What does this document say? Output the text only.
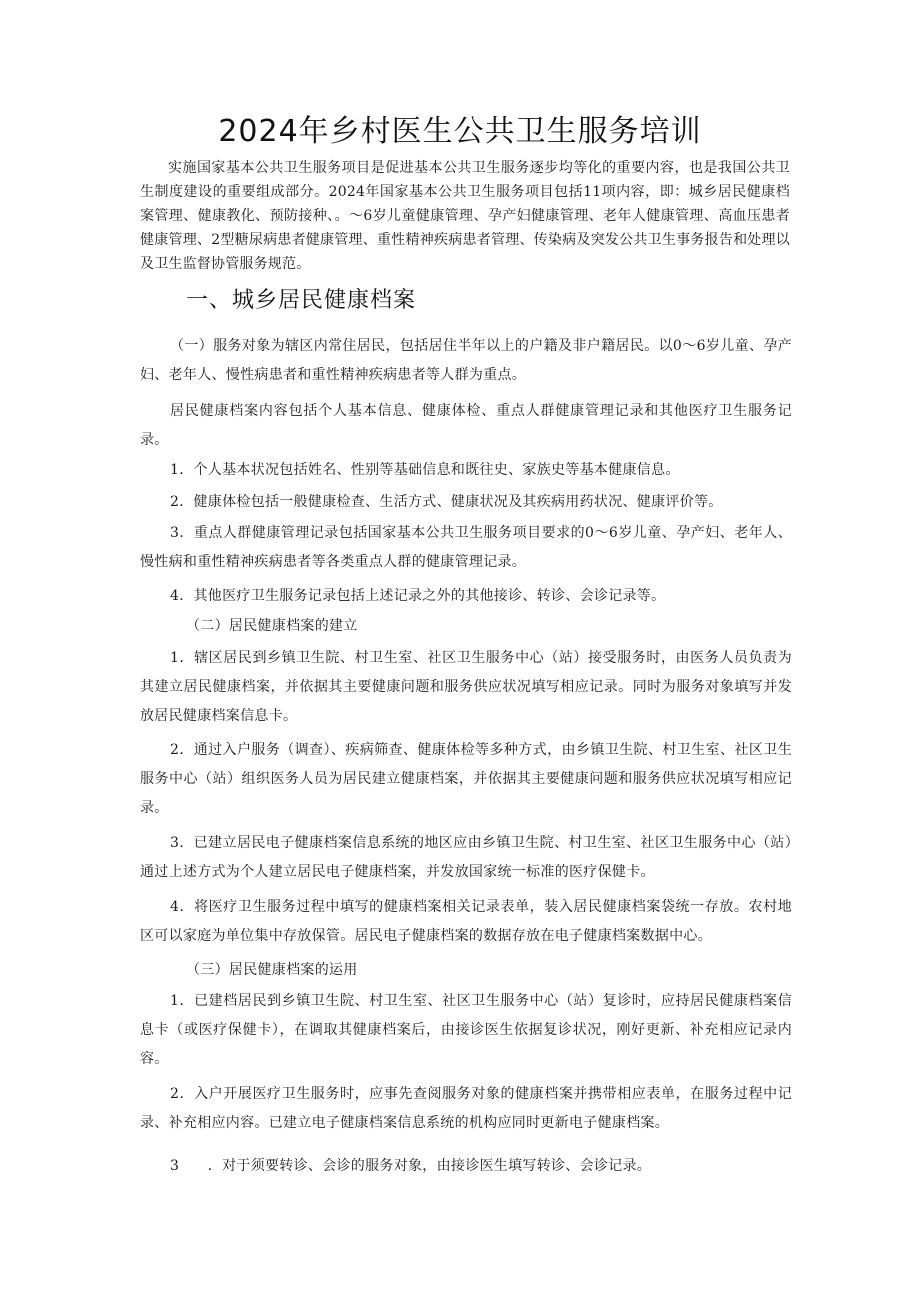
2024年乡村医生公共卫生服务培训

实施国家基本公共卫生服务项目是促进基本公共卫生服务逐步均等化的重要内容，也是我国公共卫生制度建设的重要组成部分。2024年国家基本公共卫生服务项目包括11项内容，即：城乡居民健康档案管理、健康教化、预防接种、。〜6岁儿童健康管理、孕产妇健康管理、老年人健康管理、高血压患者健康管理、2型糖尿病患者健康管理、重性精神疾病患者管理、传染病及突发公共卫生事务报告和处理以及卫生监督协管服务规范。

一、城乡居民健康档案

（一）服务对象为辖区内常住居民，包括居住半年以上的户籍及非户籍居民。以0〜6岁儿童、孕产妇、老年人、慢性病患者和重性精神疾病患者等人群为重点。

居民健康档案内容包括个人基本信息、健康体检、重点人群健康管理记录和其他医疗卫生服务记录。

1．个人基本状况包括姓名、性别等基础信息和既往史、家族史等基本健康信息。

2．健康体检包括一般健康检查、生活方式、健康状况及其疾病用药状况、健康评价等。

3．重点人群健康管理记录包括国家基本公共卫生服务项目要求的0〜6岁儿童、孕产妇、老年人、慢性病和重性精神疾病患者等各类重点人群的健康管理记录。

4．其他医疗卫生服务记录包括上述记录之外的其他接诊、转诊、会诊记录等。

（二）居民健康档案的建立

1．辖区居民到乡镇卫生院、村卫生室、社区卫生服务中心（站）接受服务时，由医务人员负责为其建立居民健康档案，并依据其主要健康问题和服务供应状况填写相应记录。同时为服务对象填写并发放居民健康档案信息卡。

2．通过入户服务（调查）、疾病筛查、健康体检等多种方式，由乡镇卫生院、村卫生室、社区卫生服务中心（站）组织医务人员为居民建立健康档案，并依据其主要健康问题和服务供应状况填写相应记录。

3．已建立居民电子健康档案信息系统的地区应由乡镇卫生院、村卫生室、社区卫生服务中心（站）通过上述方式为个人建立居民电子健康档案，并发放国家统一标准的医疗保健卡。

4．将医疗卫生服务过程中填写的健康档案相关记录表单，装入居民健康档案袋统一存放。农村地区可以家庭为单位集中存放保管。居民电子健康档案的数据存放在电子健康档案数据中心。

（三）居民健康档案的运用

1．已建档居民到乡镇卫生院、村卫生室、社区卫生服务中心（站）复诊时，应持居民健康档案信息卡（或医疗保健卡），在调取其健康档案后，由接诊医生依据复诊状况，刚好更新、补充相应记录内容。

2．入户开展医疗卫生服务时，应事先查阅服务对象的健康档案并携带相应表单，在服务过程中记录、补充相应内容。已建立电子健康档案信息系统的机构应同时更新电子健康档案。

3　　．对于须要转诊、会诊的服务对象，由接诊医生填写转诊、会诊记录。
